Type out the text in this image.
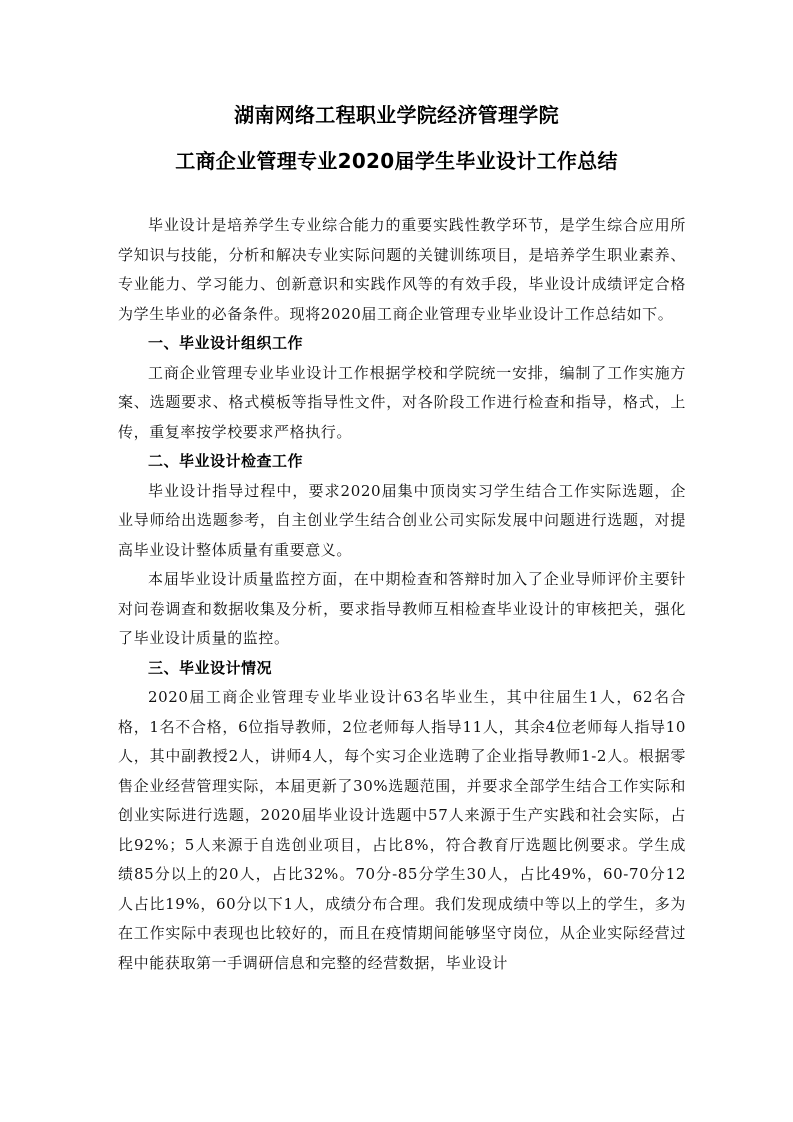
湖南网络工程职业学院经济管理学院
工商企业管理专业2020届学生毕业设计工作总结

毕业设计是培养学生专业综合能力的重要实践性教学环节，是学生综合应用所学知识与技能，分析和解决专业实际问题的关键训练项目，是培养学生职业素养、专业能力、学习能力、创新意识和实践作风等的有效手段，毕业设计成绩评定合格为学生毕业的必备条件。现将2020届工商企业管理专业毕业设计工作总结如下。

一、毕业设计组织工作

工商企业管理专业毕业设计工作根据学校和学院统一安排，编制了工作实施方案、选题要求、格式模板等指导性文件，对各阶段工作进行检查和指导，格式，上传，重复率按学校要求严格执行。

二、毕业设计检查工作

毕业设计指导过程中，要求2020届集中顶岗实习学生结合工作实际选题，企业导师给出选题参考，自主创业学生结合创业公司实际发展中问题进行选题，对提高毕业设计整体质量有重要意义。

本届毕业设计质量监控方面，在中期检查和答辩时加入了企业导师评价主要针对问卷调查和数据收集及分析，要求指导教师互相检查毕业设计的审核把关，强化了毕业设计质量的监控。

三、毕业设计情况

2020届工商企业管理专业毕业设计63名毕业生，其中往届生1人，62名合格，1名不合格，6位指导教师，2位老师每人指导11人，其余4位老师每人指导10人，其中副教授2人，讲师4人，每个实习企业选聘了企业指导教师1-2人。根据零售企业经营管理实际，本届更新了30%选题范围，并要求全部学生结合工作实际和创业实际进行选题，2020届毕业设计选题中57人来源于生产实践和社会实际，占比92%；5人来源于自选创业项目，占比8%，符合教育厅选题比例要求。学生成绩85分以上的20人，占比32%。70分-85分学生30人，占比49%，60-70分12人占比19%，60分以下1人，成绩分布合理。我们发现成绩中等以上的学生，多为在工作实际中表现也比较好的，而且在疫情期间能够坚守岗位，从企业实际经营过程中能获取第一手调研信息和完整的经营数据，毕业设计
